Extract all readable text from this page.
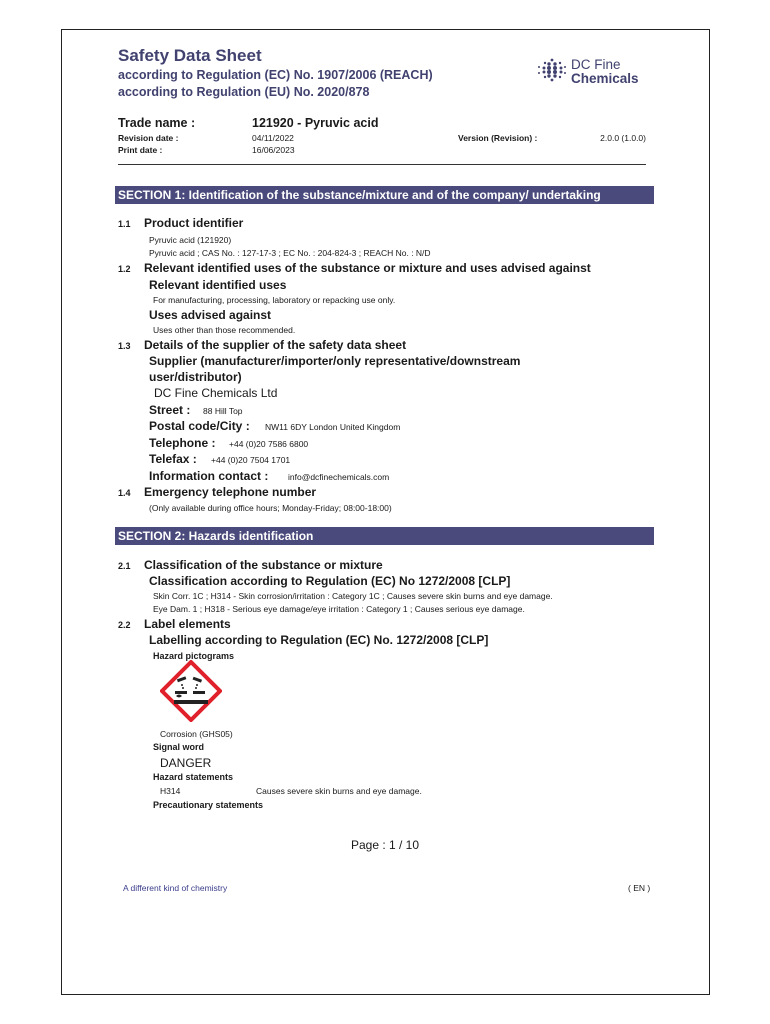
Safety Data Sheet
according to Regulation (EC) No. 1907/2006 (REACH)
according to Regulation (EU) No. 2020/878
DC Fine
Chemicals
Trade name :	121920 - Pyruvic acid
Revision date :	04/11/2022
Print date :	16/06/2023
Version (Revision) :	2.0.0 (1.0.0)
SECTION 1: Identification of the substance/mixture and of the company/ undertaking
1.1 Product identifier
Pyruvic acid (121920)
Pyruvic acid ; CAS No. : 127-17-3 ; EC No. : 204-824-3 ; REACH No. : N/D
1.2 Relevant identified uses of the substance or mixture and uses advised against
Relevant identified uses
For manufacturing, processing, laboratory or repacking use only.
Uses advised against
Uses other than those recommended.
1.3 Details of the supplier of the safety data sheet
Supplier (manufacturer/importer/only representative/downstream
user/distributor)
DC Fine Chemicals Ltd
Street : 88 Hill Top
Postal code/City : NW11 6DY London United Kingdom
Telephone : +44 (0)20 7586 6800
Telefax : +44 (0)20 7504 1701
Information contact : info@dcfinechemicals.com
1.4 Emergency telephone number
(Only available during office hours; Monday-Friday; 08:00-18:00)
SECTION 2: Hazards identification
2.1 Classification of the substance or mixture
Classification according to Regulation (EC) No 1272/2008 [CLP]
Skin Corr. 1C ; H314 - Skin corrosion/irritation : Category 1C ; Causes severe skin burns and eye damage.
Eye Dam. 1 ; H318 - Serious eye damage/eye irritation : Category 1 ; Causes serious eye damage.
2.2 Label elements
Labelling according to Regulation (EC) No. 1272/2008 [CLP]
Hazard pictograms
Corrosion (GHS05)
Signal word
DANGER
Hazard statements
H314	Causes severe skin burns and eye damage.
Precautionary statements
Page : 1 / 10
A different kind of chemistry	( EN )
